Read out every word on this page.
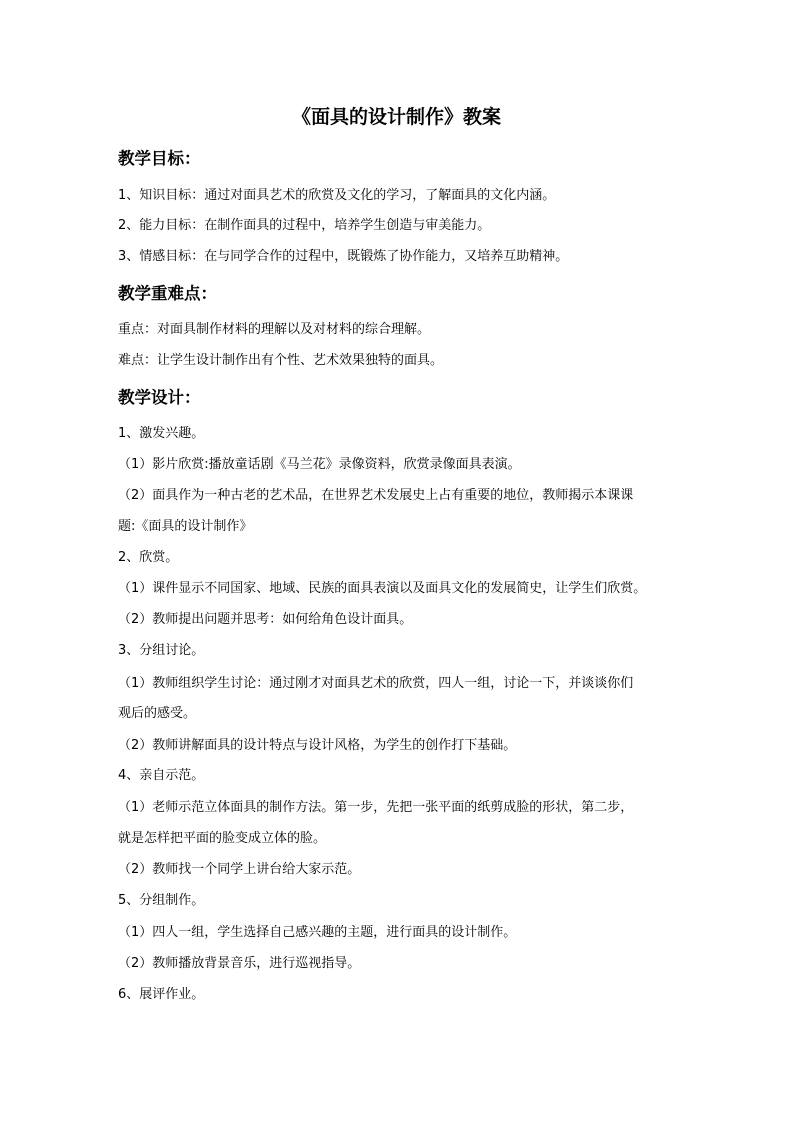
《面具的设计制作》教案
教学目标：
1、知识目标：通过对面具艺术的欣赏及文化的学习，了解面具的文化内涵。
2、能力目标：在制作面具的过程中，培养学生创造与审美能力。
3、情感目标：在与同学合作的过程中，既锻炼了协作能力，又培养互助精神。
教学重难点：
重点：对面具制作材料的理解以及对材料的综合理解。
难点：让学生设计制作出有个性、艺术效果独特的面具。
教学设计：
1、激发兴趣。
（1）影片欣赏:播放童话剧《马兰花》录像资料，欣赏录像面具表演。
（2）面具作为一种古老的艺术品，在世界艺术发展史上占有重要的地位，教师揭示本课课
题:《面具的设计制作》
2、欣赏。
（1）课件显示不同国家、地域、民族的面具表演以及面具文化的发展简史，让学生们欣赏。
（2）教师提出问题并思考：如何给角色设计面具。
3、分组讨论。
（1）教师组织学生讨论：通过刚才对面具艺术的欣赏，四人一组，讨论一下，并谈谈你们
观后的感受。
（2）教师讲解面具的设计特点与设计风格，为学生的创作打下基础。
4、亲自示范。
（1）老师示范立体面具的制作方法。第一步，先把一张平面的纸剪成脸的形状，第二步，
就是怎样把平面的脸变成立体的脸。
（2）教师找一个同学上讲台给大家示范。
5、分组制作。
（1）四人一组，学生选择自己感兴趣的主题，进行面具的设计制作。
（2）教师播放背景音乐，进行巡视指导。
6、展评作业。
